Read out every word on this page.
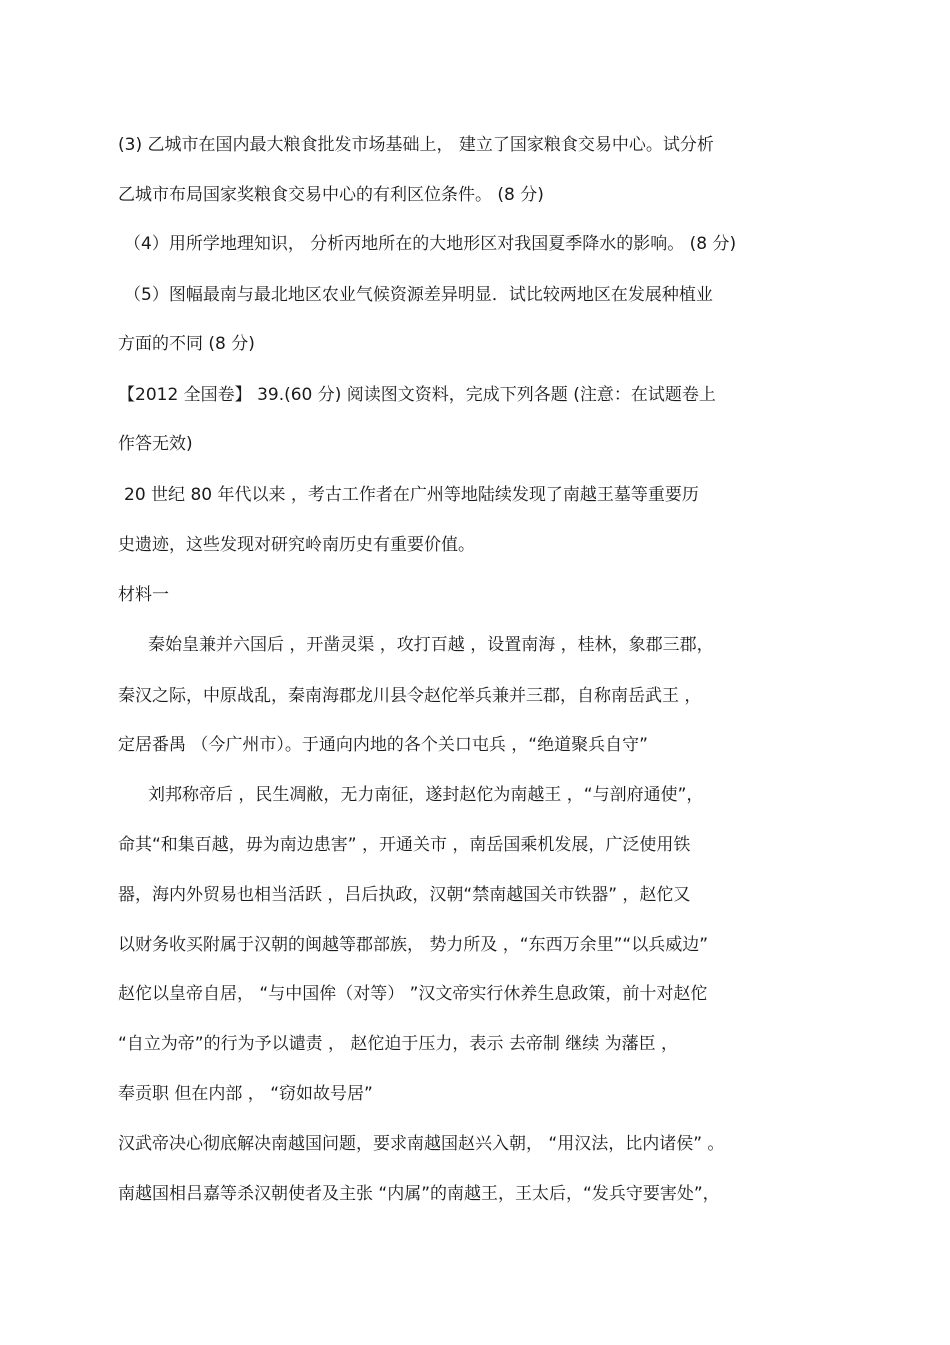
(3) 乙城市在国内最大粮食批发市场基础上， 建立了国家粮食交易中心。试分析
乙城市布局国家奖粮食交易中心的有利区位条件。 (8 分)
（4）用所学地理知识， 分析丙地所在的大地形区对我国夏季降水的影响。 (8 分)
（5）图幅最南与最北地区农业气候资源差异明显．试比较两地区在发展种植业
方面的不同 (8 分)
【2012 全国卷】 39.(60 分) 阅读图文资料，完成下列各题 (注意：在试题卷上
作答无效)
20 世纪 80 年代以来 ，考古工作者在广州等地陆续发现了南越王墓等重要历
史遗迹，这些发现对研究岭南历史有重要价值。
材料一
秦始皇兼并六国后 ，开凿灵渠 ，攻打百越 ，设置南海 ，桂林，象郡三郡，
秦汉之际，中原战乱，秦南海郡龙川县令赵佗举兵兼并三郡，自称南岳武王 ，
定居番禺 （今广州市）。于通向内地的各个关口屯兵 ，“绝道聚兵自守”
刘邦称帝后 ，民生凋敝，无力南征，遂封赵佗为南越王 ，“与剖府通使”，
命其“和集百越，毋为南边患害” ，开通关市 ，南岳国乘机发展，广泛使用铁
器，海内外贸易也相当活跃 ，吕后执政，汉朝“禁南越国关市铁器” ，赵佗又
以财务收买附属于汉朝的闽越等郡部族， 势力所及 ，“东西万余里”“以兵威边”
赵佗以皇帝自居， “与中国侔（对等） ”汉文帝实行休养生息政策，前十对赵佗
“自立为帝”的行为予以谴责 ， 赵佗迫于压力，表示 去帝制 继续 为藩臣 ，
奉贡职 但在内部 ， “窃如故号居”
汉武帝决心彻底解决南越国问题，要求南越国赵兴入朝， “用汉法，比内诸侯” 。
南越国相吕嘉等杀汉朝使者及主张 “内属”的南越王，王太后，“发兵守要害处”，
